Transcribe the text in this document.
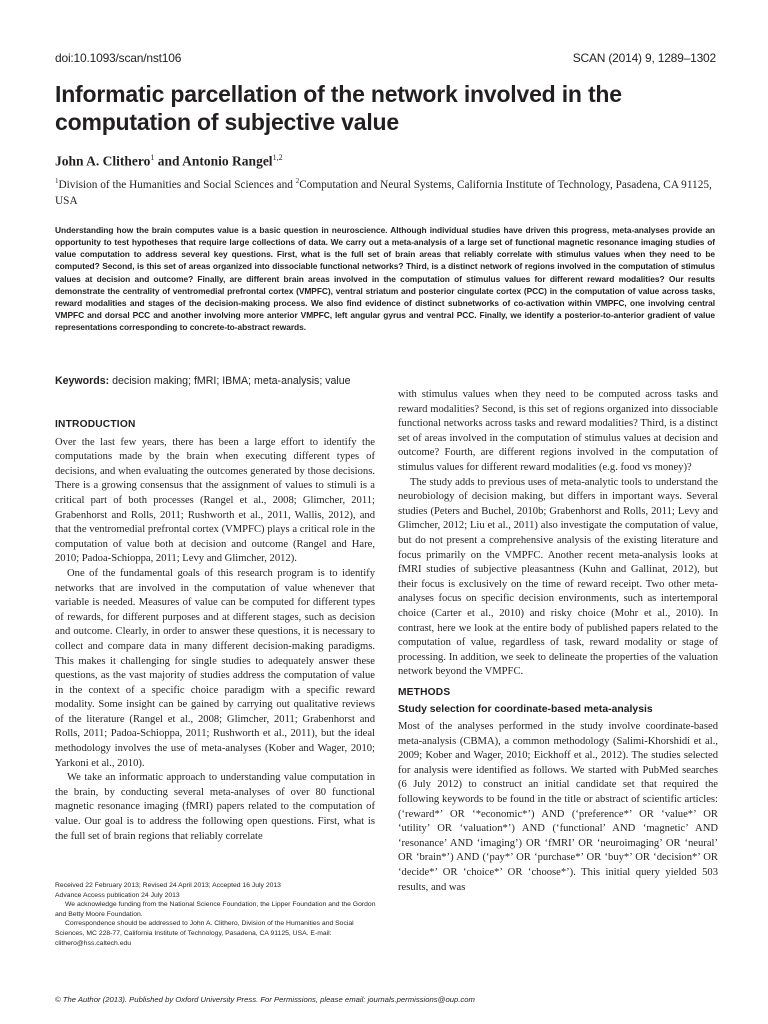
doi:10.1093/scan/nst106	SCAN (2014) 9, 1289–1302
Informatic parcellation of the network involved in the computation of subjective value
John A. Clithero$^1$ and Antonio Rangel$^{1,2}$
$^1$Division of the Humanities and Social Sciences and $^2$Computation and Neural Systems, California Institute of Technology, Pasadena, CA 91125, USA

Understanding how the brain computes value is a basic question in neuroscience. Although individual studies have driven this progress, meta-analyses provide an opportunity to test hypotheses that require large collections of data. We carry out a meta-analysis of a large set of functional magnetic resonance imaging studies of value computation to address several key questions. First, what is the full set of brain areas that reliably correlate with stimulus values when they need to be computed? Second, is this set of areas organized into dissociable functional networks? Third, is a distinct network of regions involved in the computation of stimulus values at decision and outcome? Finally, are different brain areas involved in the computation of stimulus values for different reward modalities? Our results demonstrate the centrality of ventromedial prefrontal cortex (VMPFC), ventral striatum and posterior cingulate cortex (PCC) in the computation of value across tasks, reward modalities and stages of the decision-making process. We also find evidence of distinct subnetworks of co-activation within VMPFC, one involving central VMPFC and dorsal PCC and another involving more anterior VMPFC, left angular gyrus and ventral PCC. Finally, we identify a posterior-to-anterior gradient of value representations corresponding to concrete-to-abstract rewards.

Keywords: decision making; fMRI; IBMA; meta-analysis; value
INTRODUCTION

Over the last few years, there has been a large effort to identify the computations made by the brain when executing different types of decisions, and when evaluating the outcomes generated by those decisions. There is a growing consensus that the assignment of values to stimuli is a critical part of both processes (Rangel et al., 2008; Glimcher, 2011; Grabenhorst and Rolls, 2011; Rushworth et al., 2011, Wallis, 2012), and that the ventromedial prefrontal cortex (VMPFC) plays a critical role in the computation of value both at decision and outcome (Rangel and Hare, 2010; Padoa-Schioppa, 2011; Levy and Glimcher, 2012).

One of the fundamental goals of this research program is to identify networks that are involved in the computation of value whenever that variable is needed. Measures of value can be computed for different types of rewards, for different purposes and at different stages, such as decision and outcome. Clearly, in order to answer these questions, it is necessary to collect and compare data in many different decision-making paradigms. This makes it challenging for single studies to adequately answer these questions, as the vast majority of studies address the computation of value in the context of a specific choice paradigm with a specific reward modality. Some insight can be gained by carrying out qualitative reviews of the literature (Rangel et al., 2008; Glimcher, 2011; Grabenhorst and Rolls, 2011; Padoa-Schioppa, 2011; Rushworth et al., 2011), but the ideal methodology involves the use of meta-analyses (Kober and Wager, 2010; Yarkoni et al., 2010).

We take an informatic approach to understanding value computation in the brain, by conducting several meta-analyses of over 80 functional magnetic resonance imaging (fMRI) papers related to the computation of value. Our goal is to address the following open questions. First, what is the full set of brain regions that reliably correlate

with stimulus values when they need to be computed across tasks and reward modalities? Second, is this set of regions organized into dissociable functional networks across tasks and reward modalities? Third, is a distinct set of areas involved in the computation of stimulus values at decision and outcome? Fourth, are different regions involved in the computation of stimulus values for different reward modalities (e.g. food vs money)?

The study adds to previous uses of meta-analytic tools to understand the neurobiology of decision making, but differs in important ways. Several studies (Peters and Buchel, 2010b; Grabenhorst and Rolls, 2011; Levy and Glimcher, 2012; Liu et al., 2011) also investigate the computation of value, but do not present a comprehensive analysis of the existing literature and focus primarily on the VMPFC. Another recent meta-analysis looks at fMRI studies of subjective pleasantness (Kuhn and Gallinat, 2012), but their focus is exclusively on the time of reward receipt. Two other meta-analyses focus on specific decision environments, such as intertemporal choice (Carter et al., 2010) and risky choice (Mohr et al., 2010). In contrast, here we look at the entire body of published papers related to the computation of value, regardless of task, reward modality or stage of processing. In addition, we seek to delineate the properties of the valuation network beyond the VMPFC.

METHODS
Study selection for coordinate-based meta-analysis

Most of the analyses performed in the study involve coordinate-based meta-analysis (CBMA), a common methodology (Salimi-Khorshidi et al., 2009; Kober and Wager, 2010; Eickhoff et al., 2012). The studies selected for analysis were identified as follows. We started with PubMed searches (6 July 2012) to construct an initial candidate set that required the following keywords to be found in the title or abstract of scientific articles: (‘reward*’ OR ‘*economic*’) AND (‘preference*’ OR ‘value*’ OR ‘utility’ OR ‘valuation*’) AND (‘functional’ AND ‘magnetic’ AND ‘resonance’ AND ‘imaging’) OR ‘fMRI’ OR ‘neuroimaging’ OR ‘neural’ OR ‘brain*’) AND (‘pay*’ OR ‘purchase*’ OR ‘buy*’ OR ‘decision*’ OR ‘decide*’ OR ‘choice*’ OR ‘choose*’). This initial query yielded 503 results, and was

Received 22 February 2013; Revised 24 April 2013; Accepted 16 July 2013

Advance Access publication 24 July 2013

We acknowledge funding from the National Science Foundation, the Lipper Foundation and the Gordon and Betty Moore Foundation.

Correspondence should be addressed to John A. Clithero, Division of the Humanities and Social Sciences, MC 228-77, California Institute of Technology, Pasadena, CA 91125, USA. E-mail: clithero@hss.caltech.edu

© The Author (2013). Published by Oxford University Press. For Permissions, please email: journals.permissions@oup.com
